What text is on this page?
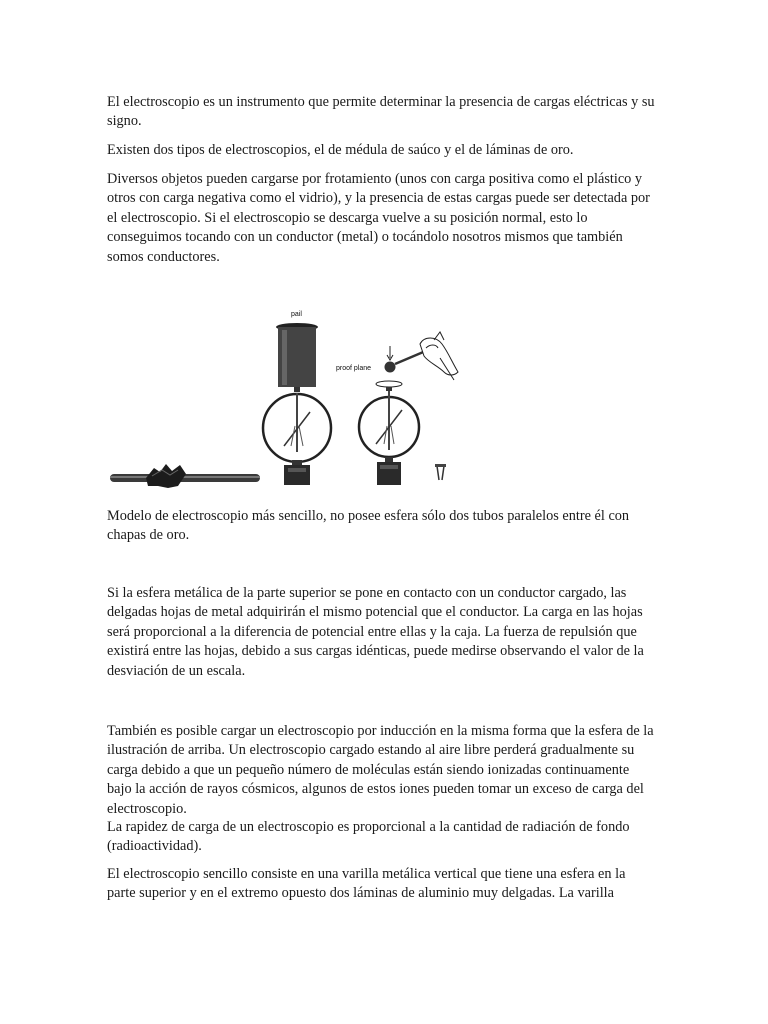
El electroscopio es un instrumento que permite determinar la presencia de cargas eléctricas y su signo.

Existen dos tipos de electroscopios, el de médula de saúco y el de láminas de oro.

Diversos objetos pueden cargarse por frotamiento (unos con carga positiva como el plástico y otros con carga negativa como el vidrio), y la presencia de estas cargas puede ser detectada por el electroscopio. Si el electroscopio se descarga vuelve a su posición normal, esto lo conseguimos tocando con un conductor (metal) o tocándolo nosotros mismos que también somos conductores.

pail
proof plane

Modelo de electroscopio más sencillo, no posee esfera sólo dos tubos paralelos entre él con chapas de oro.

Si la esfera metálica de la parte superior se pone en contacto con un conductor cargado, las delgadas hojas de metal adquirirán el mismo potencial que el conductor. La carga en las hojas será proporcional a la diferencia de potencial entre ellas y la caja. La fuerza de repulsión que existirá entre las hojas, debido a sus cargas idénticas, puede medirse observando el valor de la desviación de un escala.

También es posible cargar un electroscopio por inducción en la misma forma que la esfera de la ilustración de arriba. Un electroscopio cargado estando al aire libre perderá gradualmente su carga debido a que un pequeño número de moléculas están siendo ionizadas continuamente bajo la acción de rayos cósmicos, algunos de estos iones pueden tomar un exceso de carga del electroscopio.

La rapidez de carga de un electroscopio es proporcional a la cantidad de radiación de fondo (radioactividad).

El electroscopio sencillo consiste en una varilla metálica vertical que tiene una esfera en la parte superior y en el extremo opuesto dos láminas de aluminio muy delgadas. La varilla
